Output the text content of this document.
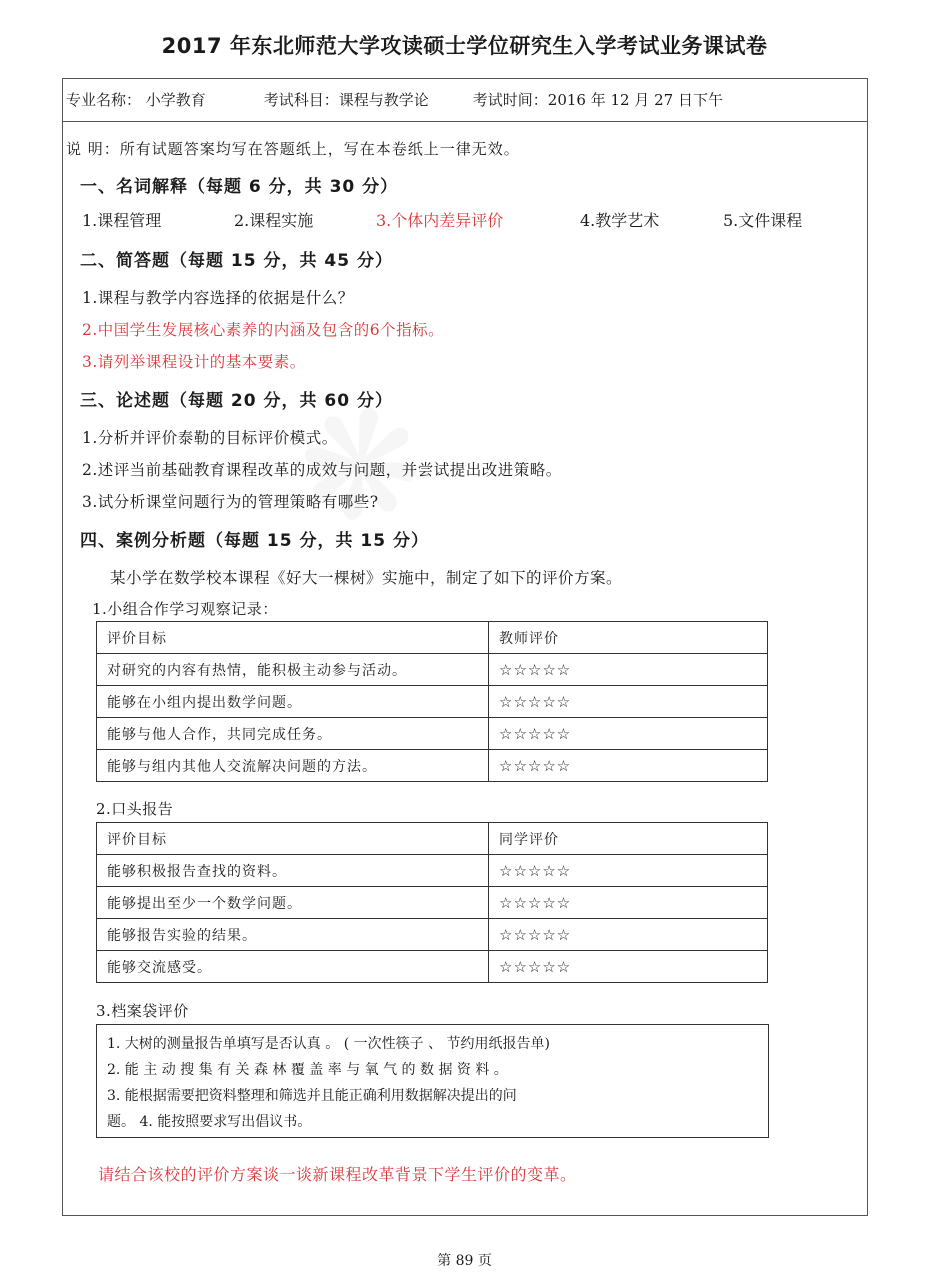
2017 年东北师范大学攻读硕士学位研究生入学考试业务课试卷
专业名称： 小学教育	考试科目：课程与教学论	考试时间：2016 年 12 月 27 日下午
说 明：所有试题答案均写在答题纸上，写在本卷纸上一律无效。
一、名词解释（每题 6 分，共 30 分）
1.课程管理	2.课程实施	3.个体内差异评价	4.教学艺术	5.文件课程
二、简答题（每题 15 分，共 45 分）
1.课程与教学内容选择的依据是什么？
2.中国学生发展核心素养的内涵及包含的6个指标。
3.请列举课程设计的基本要素。
三、论述题（每题 20 分，共 60 分）
1.分析并评价泰勒的目标评价模式。
2.述评当前基础教育课程改革的成效与问题，并尝试提出改进策略。
3.试分析课堂问题行为的管理策略有哪些?
四、案例分析题（每题 15 分，共 15 分）
某小学在数学校本课程《好大一棵树》实施中，制定了如下的评价方案。
1.小组合作学习观察记录：
评价目标	教师评价
对研究的内容有热情，能积极主动参与活动。	☆☆☆☆☆
能够在小组内提出数学问题。	☆☆☆☆☆
能够与他人合作，共同完成任务。	☆☆☆☆☆
能够与组内其他人交流解决问题的方法。	☆☆☆☆☆
2.口头报告
评价目标	同学评价
能够积极报告查找的资料。	☆☆☆☆☆
能够提出至少一个数学问题。	☆☆☆☆☆
能够报告实验的结果。	☆☆☆☆☆
能够交流感受。	☆☆☆☆☆
3.档案袋评价
1. 大树的测量报告单填写是否认真 。 ( 一次性筷子 、 节约用纸报告单)
2. 能 主 动 搜 集 有 关 森 林 覆 盖 率 与 氧 气 的 数 据 资 料 。
3. 能根据需要把资料整理和筛选并且能正确利用数据解决提出的问
题。 4. 能按照要求写出倡议书。
请结合该校的评价方案谈一谈新课程改革背景下学生评价的变革。
第 89 页
